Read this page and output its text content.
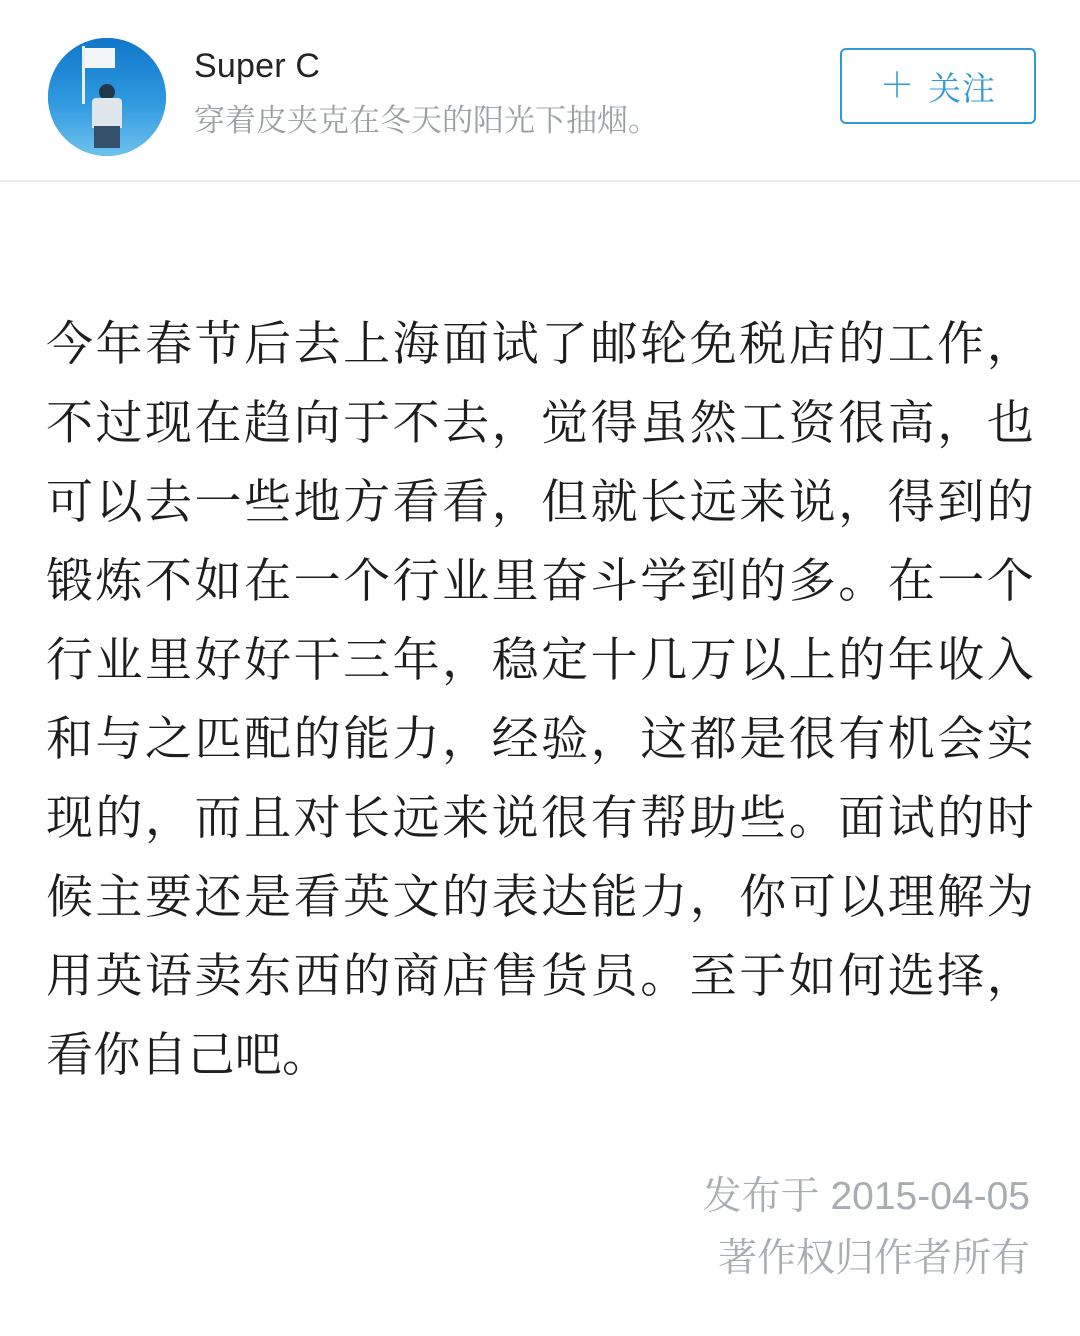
Super C
穿着皮夹克在冬天的阳光下抽烟。
＋ 关注
今年春节后去上海面试了邮轮免税店的工作，不过现在趋向于不去，觉得虽然工资很高，也可以去一些地方看看，但就长远来说，得到的锻炼不如在一个行业里奋斗学到的多。在一个行业里好好干三年，稳定十几万以上的年收入和与之匹配的能力，经验，这都是很有机会实现的，而且对长远来说很有帮助些。面试的时候主要还是看英文的表达能力，你可以理解为用英语卖东西的商店售货员。至于如何选择，看你自己吧。
发布于 2015-04-05
著作权归作者所有
